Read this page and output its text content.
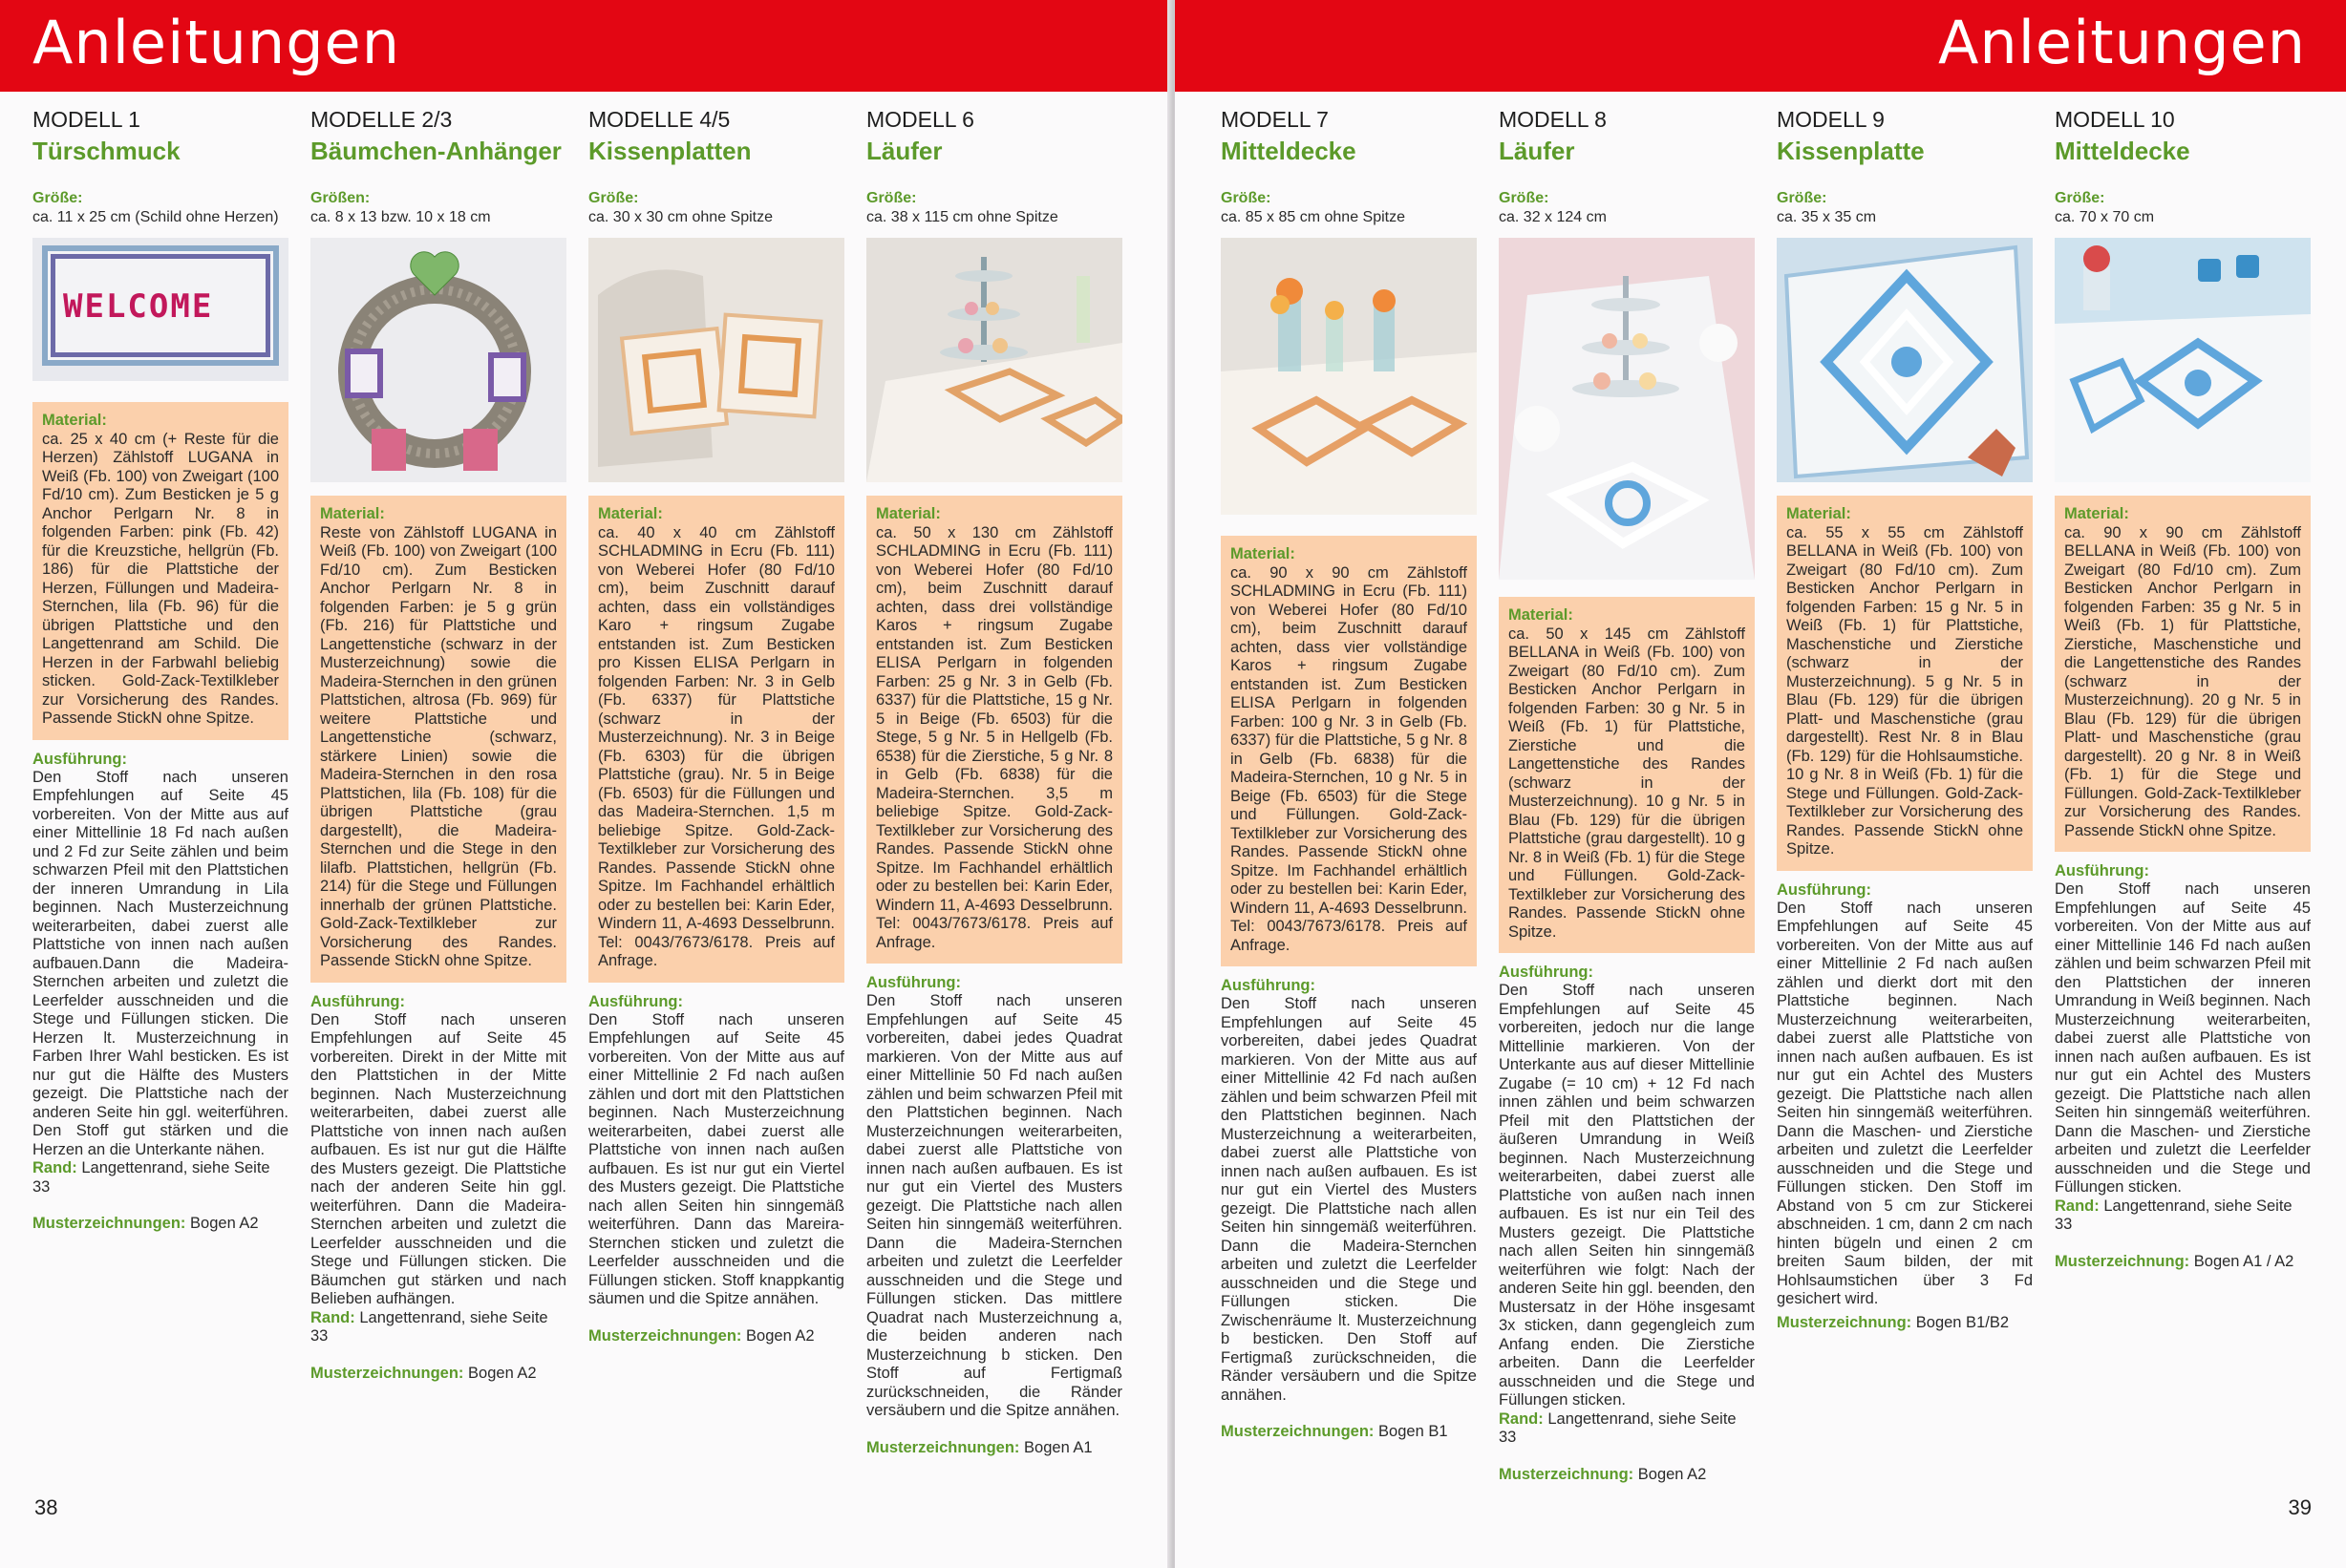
Anleitungen
MODELL 1
Türschmuck
Größe:
ca. 11 x 25 cm (Schild ohne Herzen)
WELCOME
Material:
ca. 25 x 40 cm (+ Reste für die Herzen) Zählstoff LUGANA in Weiß (Fb. 100) von Zweigart (100 Fd/10 cm). Zum Besticken je 5 g Anchor Perlgarn Nr. 8 in folgenden Farben: pink (Fb. 42) für die Kreuzstiche, hellgrün (Fb. 186) für die Plattstiche der Herzen, Füllungen und Madeira-Sternchen, lila (Fb. 96) für die übrigen Plattstiche und den Langettenrand am Schild. Die Herzen in der Farbwahl beliebig sticken. Gold-Zack-Textilkleber zur Vorsicherung des Randes. Passende StickN ohne Spitze.
Ausführung:
Den Stoff nach unseren Empfehlungen auf Seite 45 vorbereiten. Von der Mitte aus auf einer Mittellinie 18 Fd nach außen und 2 Fd zur Seite zählen und beim schwarzen Pfeil mit den Plattstichen der inneren Umrandung in Lila beginnen. Nach Musterzeichnung weiterarbeiten, dabei zuerst alle Plattstiche von innen nach außen aufbauen.Dann die Madeira-Sternchen arbeiten und zuletzt die Leerfelder ausschneiden und die Stege und Füllungen sticken. Die Herzen lt. Musterzeichnung in Farben Ihrer Wahl besticken. Es ist nur gut die Hälfte des Musters gezeigt. Die Plattstiche nach der anderen Seite hin ggl. weiterführen. Den Stoff gut stärken und die Herzen an die Unterkante nähen.
Rand: Langettenrand, siehe Seite 33
Musterzeichnungen: Bogen A2
MODELLE 2/3
Bäumchen-Anhänger
Größen:
ca. 8 x 13 bzw. 10 x 18 cm
Material:
Reste von Zählstoff LUGANA in Weiß (Fb. 100) von Zweigart (100 Fd/10 cm). Zum Besticken Anchor Perlgarn Nr. 8 in folgenden Farben: je 5 g grün (Fb. 216) für Plattstiche und Langettenstiche (schwarz in der Musterzeichnung) sowie die Madeira-Sternchen in den grünen Plattstichen, altrosa (Fb. 969) für weitere Plattstiche und Langettenstiche (schwarz, stärkere Linien) sowie die Madeira-Sternchen in den rosa Plattstichen, lila (Fb. 108) für die übrigen Plattstiche (grau dargestellt), die Madeira-Sternchen und die Stege in den lilafb. Plattstichen, hellgrün (Fb. 214) für die Stege und Füllungen innerhalb der grünen Plattstiche. Gold-Zack-Textilkleber zur Vorsicherung des Randes. Passende StickN ohne Spitze.
Ausführung:
Den Stoff nach unseren Empfehlungen auf Seite 45 vorbereiten. Direkt in der Mitte mit den Plattstichen in der Mitte beginnen. Nach Musterzeichnung weiterarbeiten, dabei zuerst alle Plattstiche von innen nach außen aufbauen. Es ist nur gut die Hälfte des Musters gezeigt. Die Plattstiche nach der anderen Seite hin ggl. weiterführen. Dann die Madeira-Sternchen arbeiten und zuletzt die Leerfelder ausschneiden und die Stege und Füllungen sticken. Die Bäumchen gut stärken und nach Belieben aufhängen.
Rand: Langettenrand, siehe Seite 33
Musterzeichnungen: Bogen A2
MODELLE 4/5
Kissenplatten
Größe:
ca. 30 x 30 cm ohne Spitze
Material:
ca. 40 x 40 cm Zählstoff SCHLADMING in Ecru (Fb. 111) von Weberei Hofer (80 Fd/10 cm), beim Zuschnitt darauf achten, dass ein vollständiges Karo + ringsum Zugabe entstanden ist. Zum Besticken pro Kissen ELISA Perlgarn in folgenden Farben: Nr. 3 in Gelb (Fb. 6337) für Plattstiche (schwarz in der Musterzeichnung). Nr. 3 in Beige (Fb. 6303) für die übrigen Plattstiche (grau). Nr. 5 in Beige (Fb. 6503) für die Füllungen und das Madeira-Sternchen. 1,5 m beliebige Spitze. Gold-Zack-Textilkleber zur Vorsicherung des Randes. Passende StickN ohne Spitze. Im Fachhandel erhältlich oder zu bestellen bei: Karin Eder, Windern 11, A-4693 Desselbrunn. Tel: 0043/7673/6178. Preis auf Anfrage.
Ausführung:
Den Stoff nach unseren Empfehlungen auf Seite 45 vorbereiten. Von der Mitte aus auf einer Mittellinie 2 Fd nach außen zählen und dort mit den Plattstichen beginnen. Nach Musterzeichnung weiterarbeiten, dabei zuerst alle Plattstiche von innen nach außen aufbauen. Es ist nur gut ein Viertel des Musters gezeigt. Die Plattstiche nach allen Seiten hin sinngemäß weiterführen. Dann das Mareira-Sternchen sticken und zuletzt die Leerfelder ausschneiden und die Füllungen sticken. Stoff knappkantig säumen und die Spitze annähen.
Musterzeichnungen: Bogen A2
MODELL 6
Läufer
Größe:
ca. 38 x 115 cm ohne Spitze
Material:
ca. 50 x 130 cm Zählstoff SCHLADMING in Ecru (Fb. 111) von Weberei Hofer (80 Fd/10 cm), beim Zuschnitt darauf achten, dass drei vollständige Karos + ringsum Zugabe entstanden ist. Zum Besticken ELISA Perlgarn in folgenden Farben: 25 g Nr. 3 in Gelb (Fb. 6337) für die Plattstiche, 15 g Nr. 5 in Beige (Fb. 6503) für die Stege, 5 g Nr. 5 in Hellgelb (Fb. 6538) für die Zierstiche, 5 g Nr. 8 in Gelb (Fb. 6838) für die Madeira-Sternchen. 3,5 m beliebige Spitze. Gold-Zack-Textilkleber zur Vorsicherung des Randes. Passende StickN ohne Spitze. Im Fachhandel erhältlich oder zu bestellen bei: Karin Eder, Windern 11, A-4693 Desselbrunn. Tel: 0043/7673/6178. Preis auf Anfrage.
Ausführung:
Den Stoff nach unseren Empfehlungen auf Seite 45 vorbereiten, dabei jedes Quadrat markieren. Von der Mitte aus auf einer Mittellinie 50 Fd nach außen zählen und beim schwarzen Pfeil mit den Plattstichen beginnen. Nach Musterzeichnungen weiterarbeiten, dabei zuerst alle Plattstiche von innen nach außen aufbauen. Es ist nur gut ein Viertel des Musters gezeigt. Die Plattstiche nach allen Seiten hin sinngemäß weiterführen. Dann die Madeira-Sternchen arbeiten und zuletzt die Leerfelder ausschneiden und die Stege und Füllungen sticken. Das mittlere Quadrat nach Musterzeichnung a, die beiden anderen nach Musterzeichnung b sticken. Den Stoff auf Fertigmaß zurückschneiden, die Ränder versäubern und die Spitze annähen.
Musterzeichnungen: Bogen A1
38
Anleitungen
MODELL 7
Mitteldecke
Größe:
ca. 85 x 85 cm ohne Spitze
Material:
ca. 90 x 90 cm Zählstoff SCHLADMING in Ecru (Fb. 111) von Weberei Hofer (80 Fd/10 cm), beim Zuschnitt darauf achten, dass vier vollständige Karos + ringsum Zugabe entstanden ist. Zum Besticken ELISA Perlgarn in folgenden Farben: 100 g Nr. 3 in Gelb (Fb. 6337) für die Plattstiche, 5 g Nr. 8 in Gelb (Fb. 6838) für die Madeira-Sternchen, 10 g Nr. 5 in Beige (Fb. 6503) für die Stege und Füllungen. Gold-Zack-Textilkleber zur Vorsicherung des Randes. Passende StickN ohne Spitze. Im Fachhandel erhältlich oder zu bestellen bei: Karin Eder, Windern 11, A-4693 Desselbrunn. Tel: 0043/7673/6178. Preis auf Anfrage.
Ausführung:
Den Stoff nach unseren Empfehlungen auf Seite 45 vorbereiten, dabei jedes Quadrat markieren. Von der Mitte aus auf einer Mittellinie 42 Fd nach außen zählen und beim schwarzen Pfeil mit den Plattstichen beginnen. Nach Musterzeichnung a weiterarbeiten, dabei zuerst alle Plattstiche von innen nach außen aufbauen. Es ist nur gut ein Viertel des Musters gezeigt. Die Plattstiche nach allen Seiten hin sinngemäß weiterführen. Dann die Madeira-Sternchen arbeiten und zuletzt die Leerfelder ausschneiden und die Stege und Füllungen sticken. Die Zwischenräume lt. Musterzeichnung b besticken. Den Stoff auf Fertigmaß zurückschneiden, die Ränder versäubern und die Spitze annähen.
Musterzeichnungen: Bogen B1
MODELL 8
Läufer
Größe:
ca. 32 x 124 cm
Material:
ca. 50 x 145 cm Zählstoff BELLANA in Weiß (Fb. 100) von Zweigart (80 Fd/10 cm). Zum Besticken Anchor Perlgarn in folgenden Farben: 30 g Nr. 5 in Weiß (Fb. 1) für Plattstiche, Zierstiche und die Langettenstiche des Randes (schwarz in der Musterzeichnung). 10 g Nr. 5 in Blau (Fb. 129) für die übrigen Plattstiche (grau dargestellt). 10 g Nr. 8 in Weiß (Fb. 1) für die Stege und Füllungen. Gold-Zack-Textilkleber zur Vorsicherung des Randes. Passende StickN ohne Spitze.
Ausführung:
Den Stoff nach unseren Empfehlungen auf Seite 45 vorbereiten, jedoch nur die lange Mittellinie markieren. Von der Unterkante aus auf dieser Mittellinie Zugabe (= 10 cm) + 12 Fd nach innen zählen und beim schwarzen Pfeil mit den Plattstichen der äußeren Umrandung in Weiß beginnen. Nach Musterzeichnung weiterarbeiten, dabei zuerst alle Plattstiche von außen nach innen aufbauen. Es ist nur ein Teil des Musters gezeigt. Die Plattstiche nach allen Seiten hin sinngemäß weiterführen wie folgt: Nach der anderen Seite hin ggl. beenden, den Mustersatz in der Höhe insgesamt 3x sticken, dann gegengleich zum Anfang enden. Die Zierstiche arbeiten. Dann die Leerfelder ausschneiden und die Stege und Füllungen sticken.
Rand: Langettenrand, siehe Seite 33
Musterzeichnung: Bogen A2
MODELL 9
Kissenplatte
Größe:
ca. 35 x 35 cm
Material:
ca. 55 x 55 cm Zählstoff BELLANA in Weiß (Fb. 100) von Zweigart (80 Fd/10 cm). Zum Besticken Anchor Perlgarn in folgenden Farben: 15 g Nr. 5 in Weiß (Fb. 1) für Plattstiche, Maschenstiche und Zierstiche (schwarz in der Musterzeichnung). 5 g Nr. 5 in Blau (Fb. 129) für die übrigen Platt- und Maschenstiche (grau dargestellt). Rest Nr. 8 in Blau (Fb. 129) für die Hohlsaumstiche. 10 g Nr. 8 in Weiß (Fb. 1) für die Stege und Füllungen. Gold-Zack-Textilkleber zur Vorsicherung des Randes. Passende StickN ohne Spitze.
Ausführung:
Den Stoff nach unseren Empfehlungen auf Seite 45 vorbereiten. Von der Mitte aus auf einer Mittellinie 2 Fd nach außen zählen und dierkt dort mit den Plattstiche beginnen. Nach Musterzeichnung weiterarbeiten, dabei zuerst alle Plattstiche von innen nach außen aufbauen. Es ist nur gut ein Achtel des Musters gezeigt. Die Plattstiche nach allen Seiten hin sinngemäß weiterführen. Dann die Maschen- und Zierstiche arbeiten und zuletzt die Leerfelder ausschneiden und die Stege und Füllungen sticken. Den Stoff im Abstand von 5 cm zur Stickerei abschneiden. 1 cm, dann 2 cm nach hinten bügeln und einen 2 cm breiten Saum bilden, der mit Hohlsaumstichen über 3 Fd gesichert wird.
Musterzeichnung: Bogen B1/B2
MODELL 10
Mitteldecke
Größe:
ca. 70 x 70 cm
Material:
ca. 90 x 90 cm Zählstoff BELLANA in Weiß (Fb. 100) von Zweigart (80 Fd/10 cm). Zum Besticken Anchor Perlgarn in folgenden Farben: 35 g Nr. 5 in Weiß (Fb. 1) für Plattstiche, Zierstiche, Maschenstiche und die Langettenstiche des Randes (schwarz in der Musterzeichnung). 20 g Nr. 5 in Blau (Fb. 129) für die übrigen Platt- und Maschenstiche (grau dargestellt). 20 g Nr. 8 in Weiß (Fb. 1) für die Stege und Füllungen. Gold-Zack-Textilkleber zur Vorsicherung des Randes. Passende StickN ohne Spitze.
Ausführung:
Den Stoff nach unseren Empfehlungen auf Seite 45 vorbereiten. Von der Mitte aus auf einer Mittellinie 146 Fd nach außen zählen und beim schwarzen Pfeil mit den Plattstichen der inneren Umrandung in Weiß beginnen. Nach Musterzeichnung weiterarbeiten, dabei zuerst alle Plattstiche von innen nach außen aufbauen. Es ist nur gut ein Achtel des Musters gezeigt. Die Plattstiche nach allen Seiten hin sinngemäß weiterführen. Dann die Maschen- und Zierstiche arbeiten und zuletzt die Leerfelder ausschneiden und die Stege und Füllungen sticken.
Rand: Langettenrand, siehe Seite 33
Musterzeichnung: Bogen A1 / A2
39
